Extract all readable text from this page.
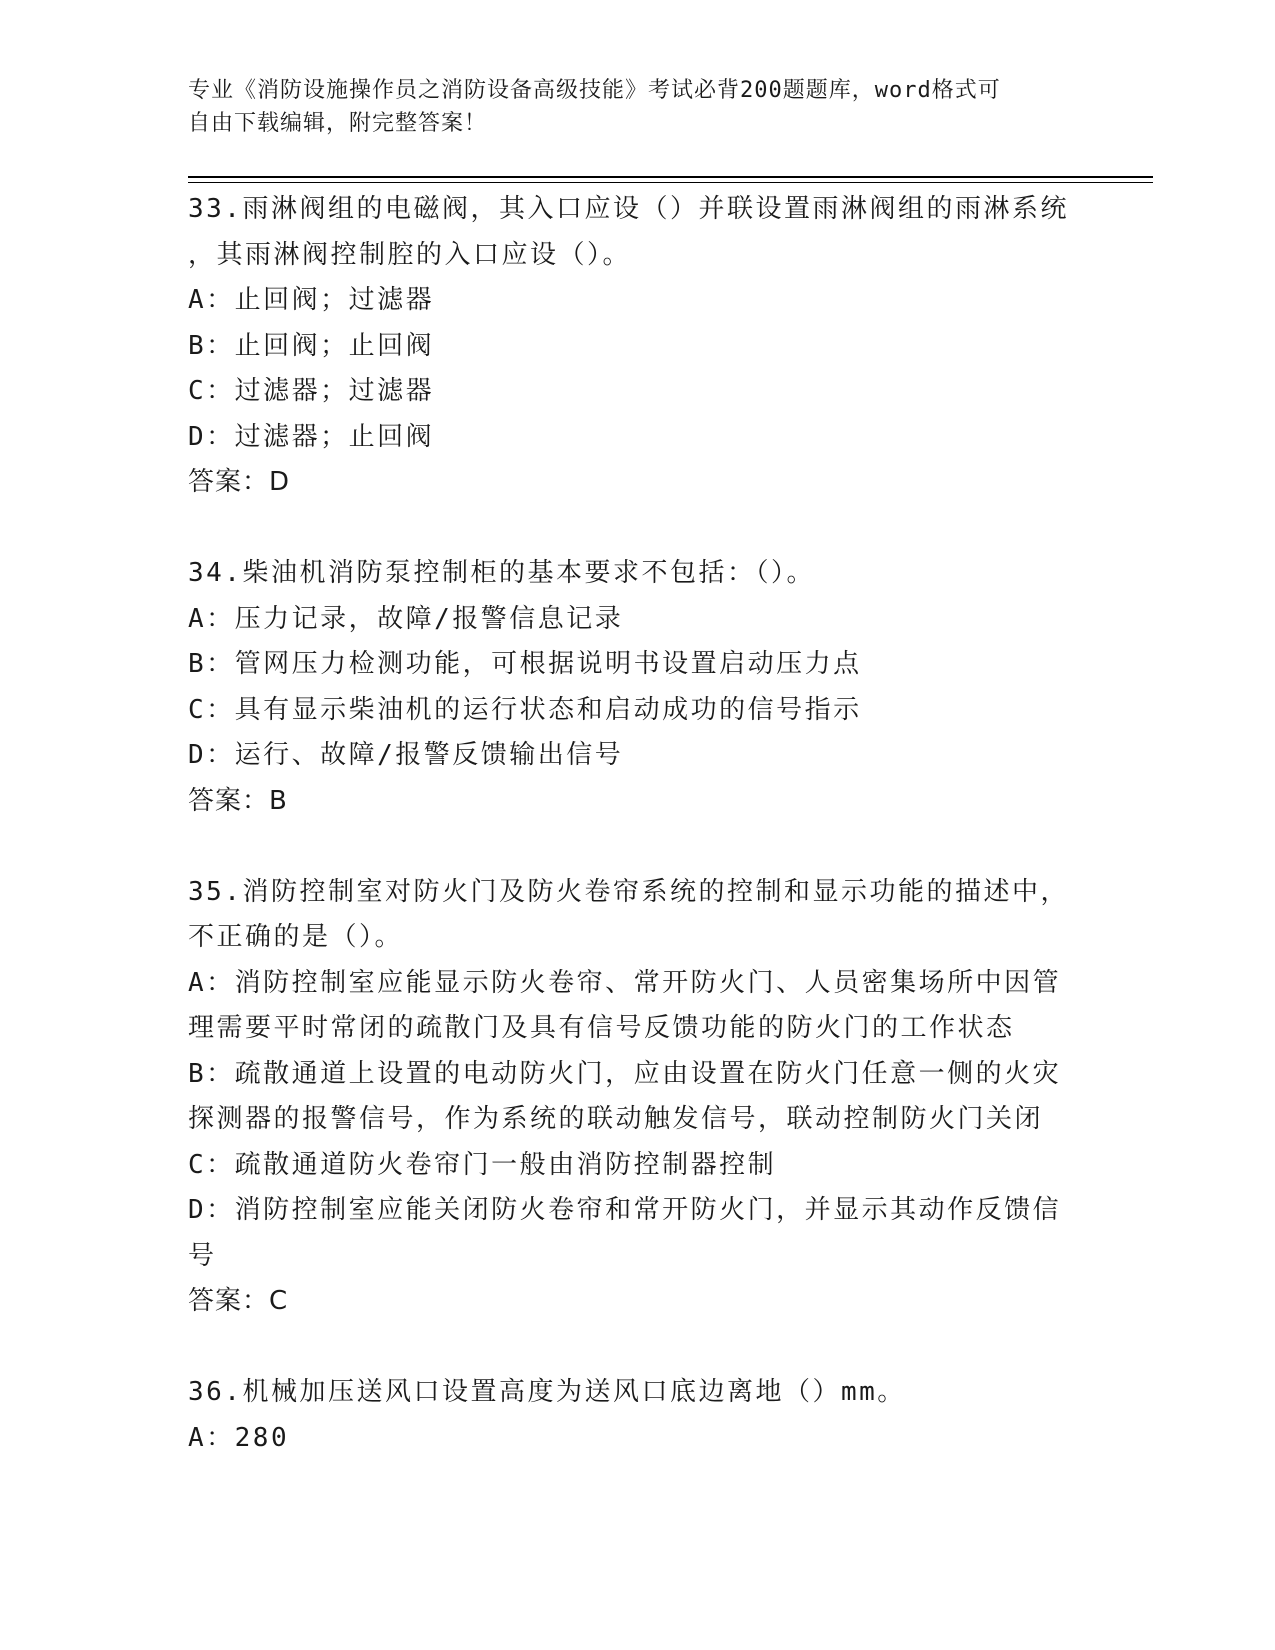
专业《消防设施操作员之消防设备高级技能》考试必背200题题库，word格式可
自由下载编辑，附完整答案！
33.雨淋阀组的电磁阀，其入口应设（）并联设置雨淋阀组的雨淋系统
，其雨淋阀控制腔的入口应设（）。
A：止回阀；过滤器
B：止回阀；止回阀
C：过滤器；过滤器
D：过滤器；止回阀
答案：D
34.柴油机消防泵控制柜的基本要求不包括：（）。
A：压力记录，故障/报警信息记录
B：管网压力检测功能，可根据说明书设置启动压力点
C：具有显示柴油机的运行状态和启动成功的信号指示
D：运行、故障/报警反馈输出信号
答案：B
35.消防控制室对防火门及防火卷帘系统的控制和显示功能的描述中，
不正确的是（）。
A：消防控制室应能显示防火卷帘、常开防火门、人员密集场所中因管
理需要平时常闭的疏散门及具有信号反馈功能的防火门的工作状态
B：疏散通道上设置的电动防火门，应由设置在防火门任意一侧的火灾
探测器的报警信号，作为系统的联动触发信号，联动控制防火门关闭
C：疏散通道防火卷帘门一般由消防控制器控制
D：消防控制室应能关闭防火卷帘和常开防火门，并显示其动作反馈信
号
答案：C
36.机械加压送风口设置高度为送风口底边离地（）mm。
A：280
